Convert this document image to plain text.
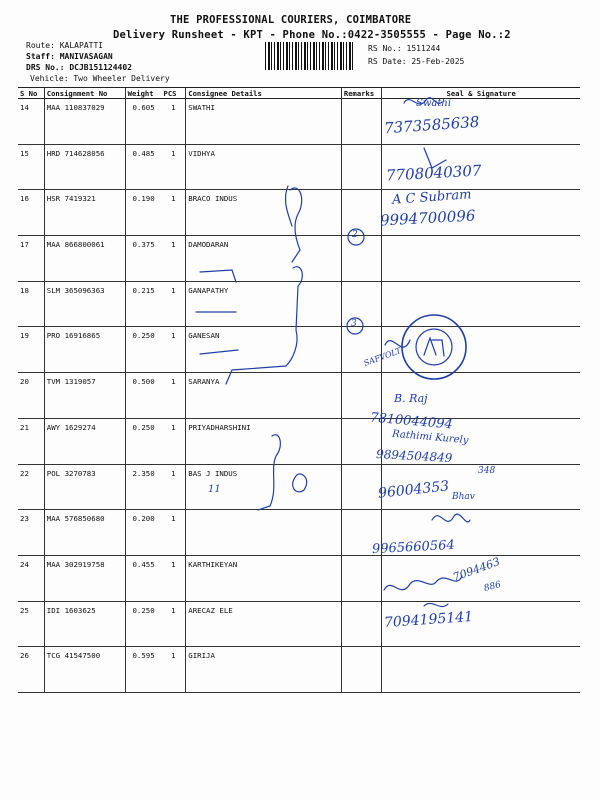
THE PROFESSIONAL COURIERS, COIMBATORE
Delivery Runsheet - KPT - Phone No.:0422-3505555 - Page No.:2
Route: KALAPATTI
Staff: MANIVASAGAN
DRS No.: DCJB151124402
Vehicle: Two Wheeler Delivery
RS No.: 1511244
RS Date: 25-Feb-2025
S No	Consignment No	Weight	PCS	Consignee Details	Remarks	Seal & Signature
14	MAA 110837029	0.605	1	SWATHI		
15	HRD 714628056	0.485	1	VIDHYA		
16	HSR 7419321	0.190	1	BRACO INDUS		
17	MAA 866800061	0.375	1	DAMODARAN		
18	SLM 365096363	0.215	1	GANAPATHY		
19	PRO 16916865	0.250	1	GANESAN		
20	TVM 1319057	0.500	1	SARANYA		
21	AWY 1629274	0.250	1	PRIYADHARSHINI		
22	POL 3270783	2.350	1	BAS J INDUS		
23	MAA 576850680	0.200	1			
24	MAA 302919758	0.455	1	KARTHIKEYAN		
25	IDI 1603625	0.250	1	ARECAZ ELE		
26	TCG 41547500	0.595	1	GIRIJA		
SAFVOLT
Swathi
7373585638
7708040307
A C Subram
9994700096
2
3
B. Raj
7810044094
Rathimi Kurely
9894504849
96004353
348
Bhav
11
9965660564
7094463
886
7094195141
